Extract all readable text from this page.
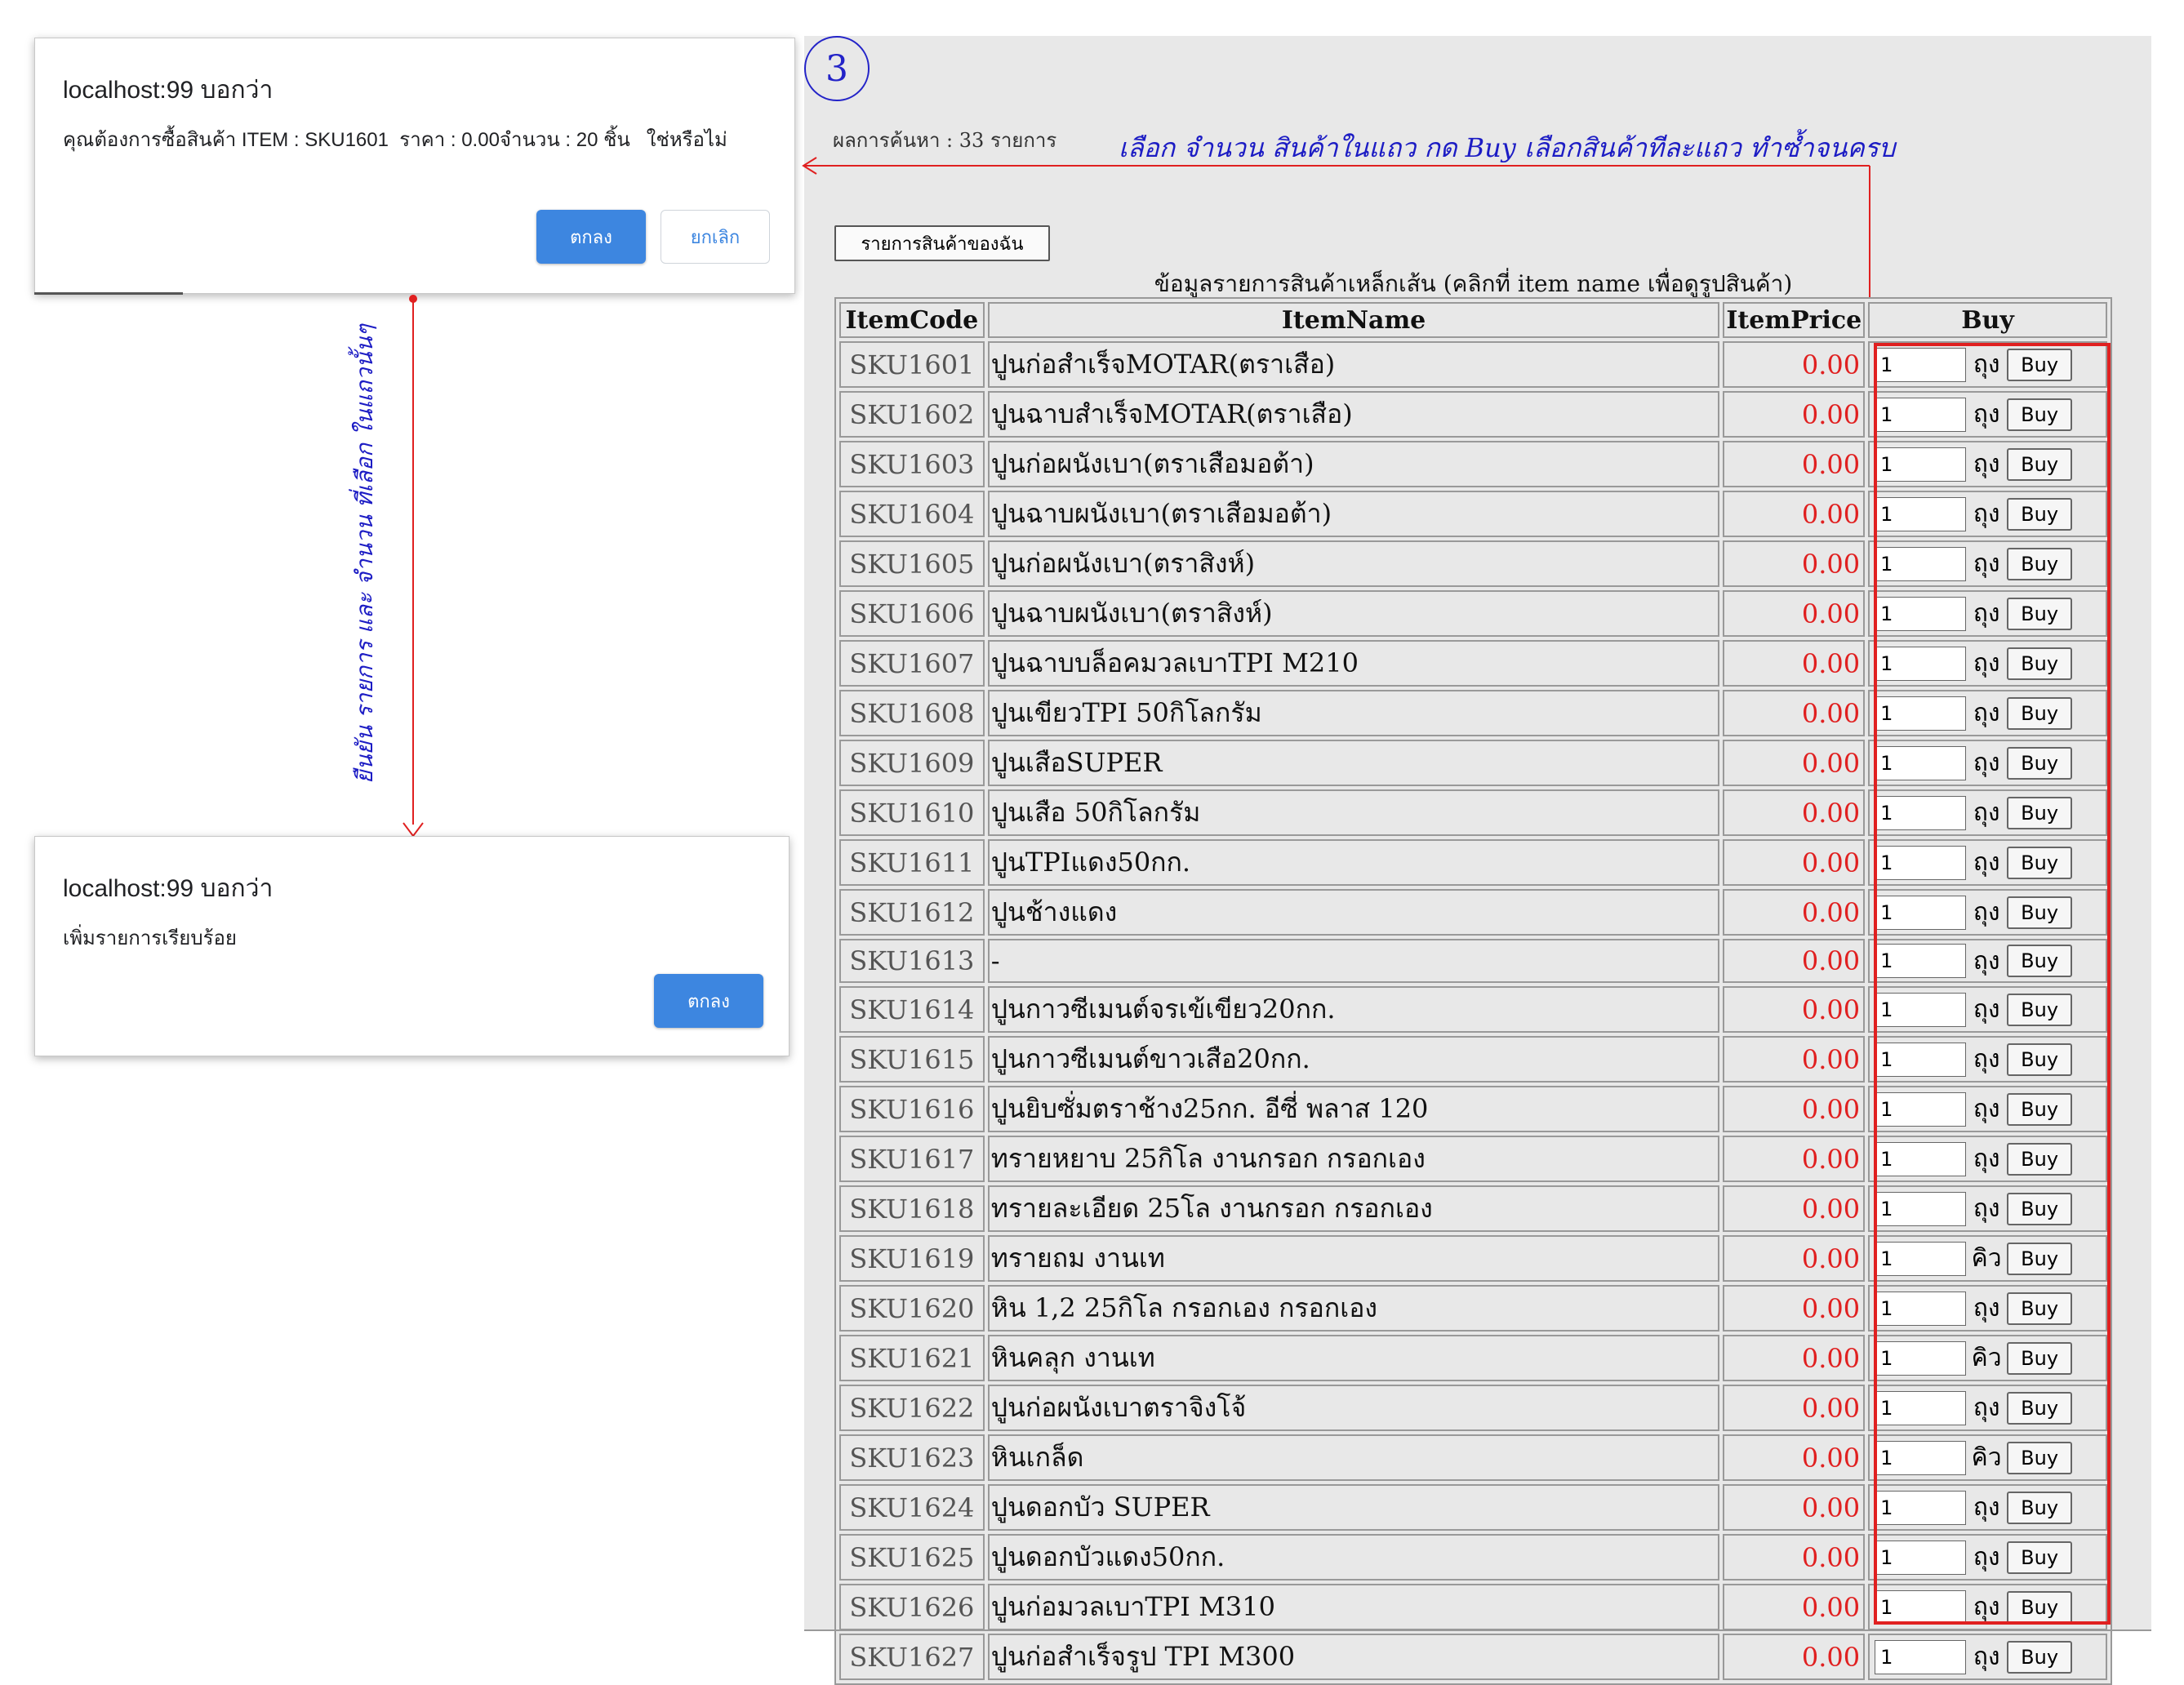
localhost:99 บอกว่า
คุณต้องการซื้อสินค้า ITEM : SKU1601  ราคา : 0.00จำนวน : 20 ชิ้น   ใช่หรือไม่
ตกลง	ยกเลิก
ยืนยัน รายการ และ จำนวน ที่เลือก ในแถวนั้นๆ
localhost:99 บอกว่า
เพิ่มรายการเรียบร้อย
ตกลง
3
ผลการค้นหา : 33 รายการ เลือก จำนวน สินค้าในแถว กด Buy เลือกสินค้าทีละแถว ทำซ้ำจนครบ
รายการสินค้าของฉัน
ข้อมูลรายการสินค้าเหล็กเส้น (คลิกที่ item name เพื่อดูรูปสินค้า)
ItemCode	ItemName	ItemPrice	Buy
SKU1601	ปูนก่อสำเร็จMOTAR(ตราเสือ)	0.00	1ถุง Buy
SKU1602	ปูนฉาบสำเร็จMOTAR(ตราเสือ)	0.00	1ถุง Buy
SKU1603	ปูนก่อผนังเบา(ตราเสือมอต้า)	0.00	1ถุง Buy
SKU1604	ปูนฉาบผนังเบา(ตราเสือมอต้า)	0.00	1ถุง Buy
SKU1605	ปูนก่อผนังเบา(ตราสิงห์)	0.00	1ถุง Buy
SKU1606	ปูนฉาบผนังเบา(ตราสิงห์)	0.00	1ถุง Buy
SKU1607	ปูนฉาบบล็อคมวลเบาTPI M210	0.00	1ถุง Buy
SKU1608	ปูนเขียวTPI 50กิโลกรัม	0.00	1ถุง Buy
SKU1609	ปูนเสือSUPER	0.00	1ถุง Buy
SKU1610	ปูนเสือ 50กิโลกรัม	0.00	1ถุง Buy
SKU1611	ปูนTPIแดง50กก.	0.00	1ถุง Buy
SKU1612	ปูนช้างแดง	0.00	1ถุง Buy
SKU1613	-	0.00	1ถุง Buy
SKU1614	ปูนกาวซีเมนต์จรเข้เขียว20กก.	0.00	1ถุง Buy
SKU1615	ปูนกาวซีเมนต์ขาวเสือ20กก.	0.00	1ถุง Buy
SKU1616	ปูนยิบซั่มตราช้าง25กก. อีซี่ พลาส 120	0.00	1ถุง Buy
SKU1617	ทรายหยาบ 25กิโล งานกรอก กรอกเอง	0.00	1ถุง Buy
SKU1618	ทรายละเอียด 25โล งานกรอก กรอกเอง	0.00	1ถุง Buy
SKU1619	ทรายถม งานเท	0.00	1คิว Buy
SKU1620	หิน 1,2 25กิโล กรอกเอง กรอกเอง	0.00	1ถุง Buy
SKU1621	หินคลุก งานเท	0.00	1คิว Buy
SKU1622	ปูนก่อผนังเบาตราจิงโจ้	0.00	1ถุง Buy
SKU1623	หินเกล็ด	0.00	1คิว Buy
SKU1624	ปูนดอกบัว SUPER	0.00	1ถุง Buy
SKU1625	ปูนดอกบัวแดง50กก.	0.00	1ถุง Buy
SKU1626	ปูนก่อมวลเบาTPI M310	0.00	1ถุง Buy
SKU1627	ปูนก่อสำเร็จรูป TPI M300	0.00	1ถุง Buy
